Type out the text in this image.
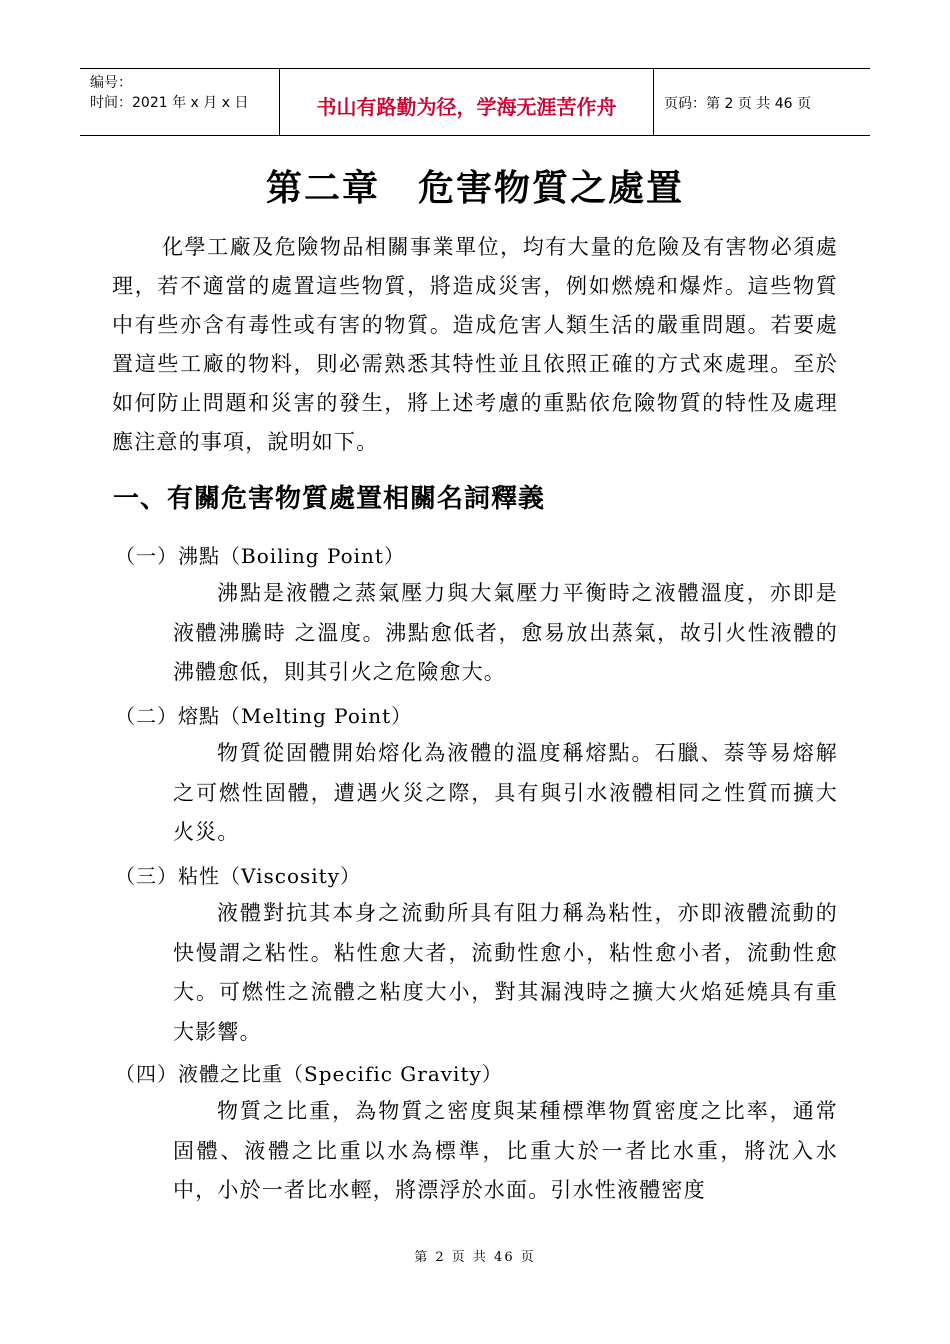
编号：
时间：2021 年 x 月 x 日	书山有路勤为径，学海无涯苦作舟	页码：第 2 页 共 46 页
第二章　危害物質之處置
化學工廠及危險物品相關事業單位，均有大量的危險及有害物必須處理，若不適當的處置這些物質，將造成災害，例如燃燒和爆炸。這些物質中有些亦含有毒性或有害的物質。造成危害人類生活的嚴重問題。若要處置這些工廠的物料，則必需熟悉其特性並且依照正確的方式來處理。至於如何防止問題和災害的發生，將上述考慮的重點依危險物質的特性及處理應注意的事項，說明如下。
一、有關危害物質處置相關名詞釋義
（一）沸點（Boiling Point）
沸點是液體之蒸氣壓力與大氣壓力平衡時之液體溫度，亦即是液體沸騰時 之溫度。沸點愈低者，愈易放出蒸氣，故引火性液體的沸體愈低，則其引火之危險愈大。
（二）熔點（Melting Point）
物質從固體開始熔化為液體的溫度稱熔點。石臘、萘等易熔解之可燃性固體，遭遇火災之際，具有與引水液體相同之性質而擴大火災。
（三）粘性（Viscosity）
液體對抗其本身之流動所具有阻力稱為粘性，亦即液體流動的快慢謂之粘性。粘性愈大者，流動性愈小，粘性愈小者，流動性愈大。可燃性之流體之粘度大小，對其漏洩時之擴大火焰延燒具有重大影響。
（四）液體之比重（Specific Gravity）
物質之比重，為物質之密度與某種標準物質密度之比率，通常固體、液體之比重以水為標準，比重大於一者比水重，將沈入水中，小於一者比水輕，將漂浮於水面。引水性液體密度
第 2 页 共 46 页
